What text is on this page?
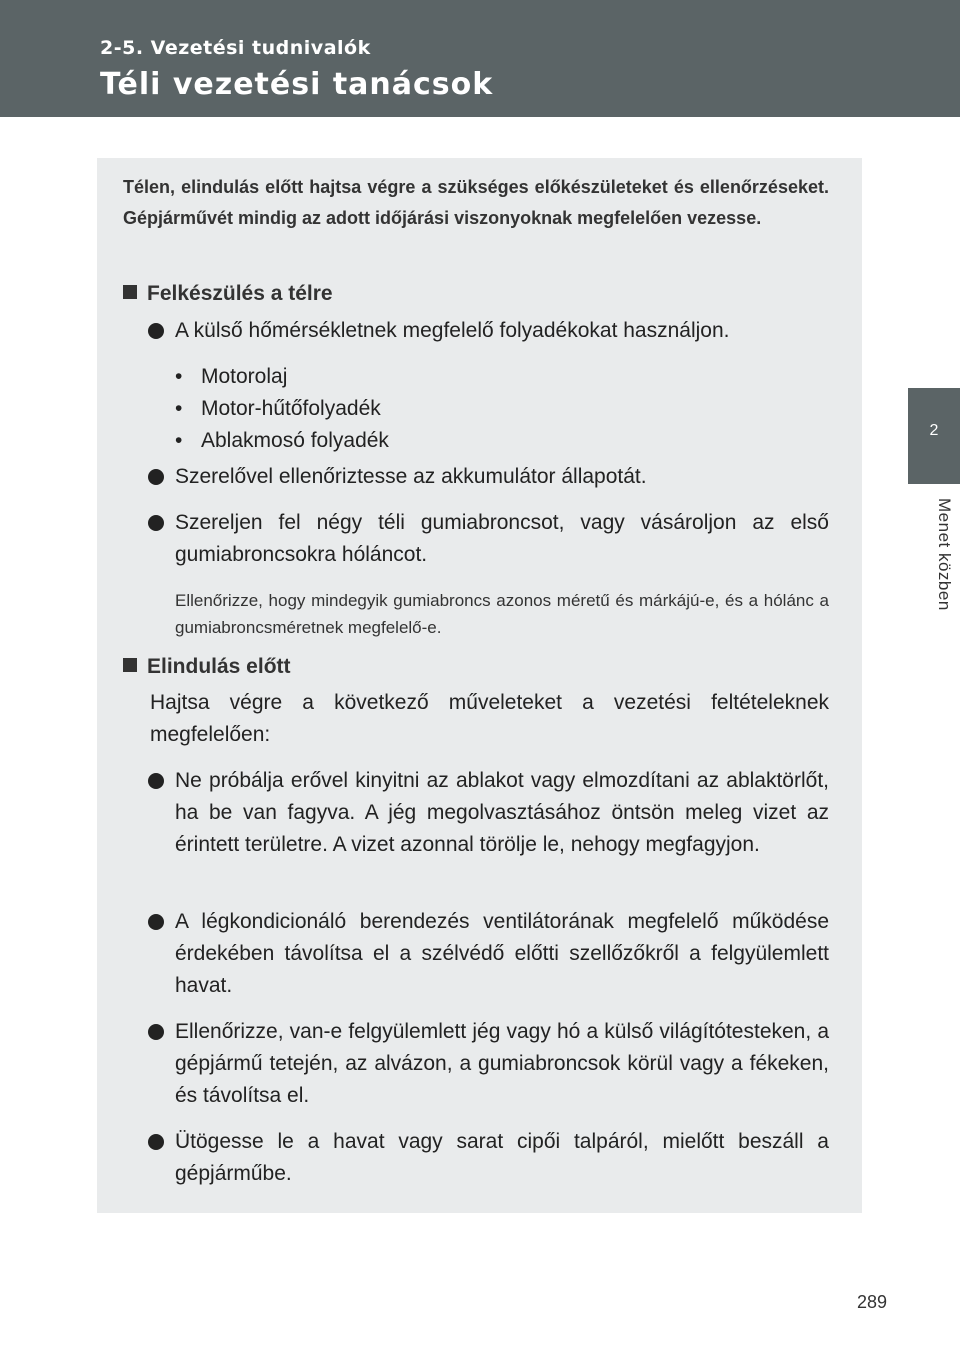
2-5. Vezetési tudnivalók
Téli vezetési tanácsok
2
Menet közben

Télen, elindulás előtt hajtsa végre a szükséges előkészületeket és ellenőrzéseket. Gépjárművét mindig az adott időjárási viszonyoknak megfelelően vezesse.

Felkészülés a télre

A külső hőmérsékletnek megfelelő folyadékokat használjon.

• Motorolaj
• Motor-hűtőfolyadék
• Ablakmosó folyadék

Szerelővel ellenőriztesse az akkumulátor állapotát.

Szereljen fel négy téli gumiabroncsot, vagy vásároljon az első gumiabroncsokra hóláncot.

Ellenőrizze, hogy mindegyik gumiabroncs azonos méretű és márkájú-e, és a hólánc a gumiabroncsméretnek megfelelő-e.

Elindulás előtt

Hajtsa végre a következő műveleteket a vezetési feltételeknek megfelelően:

Ne próbálja erővel kinyitni az ablakot vagy elmozdítani az ablaktörlőt, ha be van fagyva. A jég megolvasztásához öntsön meleg vizet az érintett területre. A vizet azonnal törölje le, nehogy megfagyjon.

A légkondicionáló berendezés ventilátorának megfelelő működése érdekében távolítsa el a szélvédő előtti szellőzőkről a felgyülemlett havat.

Ellenőrizze, van-e felgyülemlett jég vagy hó a külső világítótesteken, a gépjármű tetején, az alvázon, a gumiabroncsok körül vagy a fékeken, és távolítsa el.

Ütögesse le a havat vagy sarat cipői talpáról, mielőtt beszáll a gépjárműbe.

289
